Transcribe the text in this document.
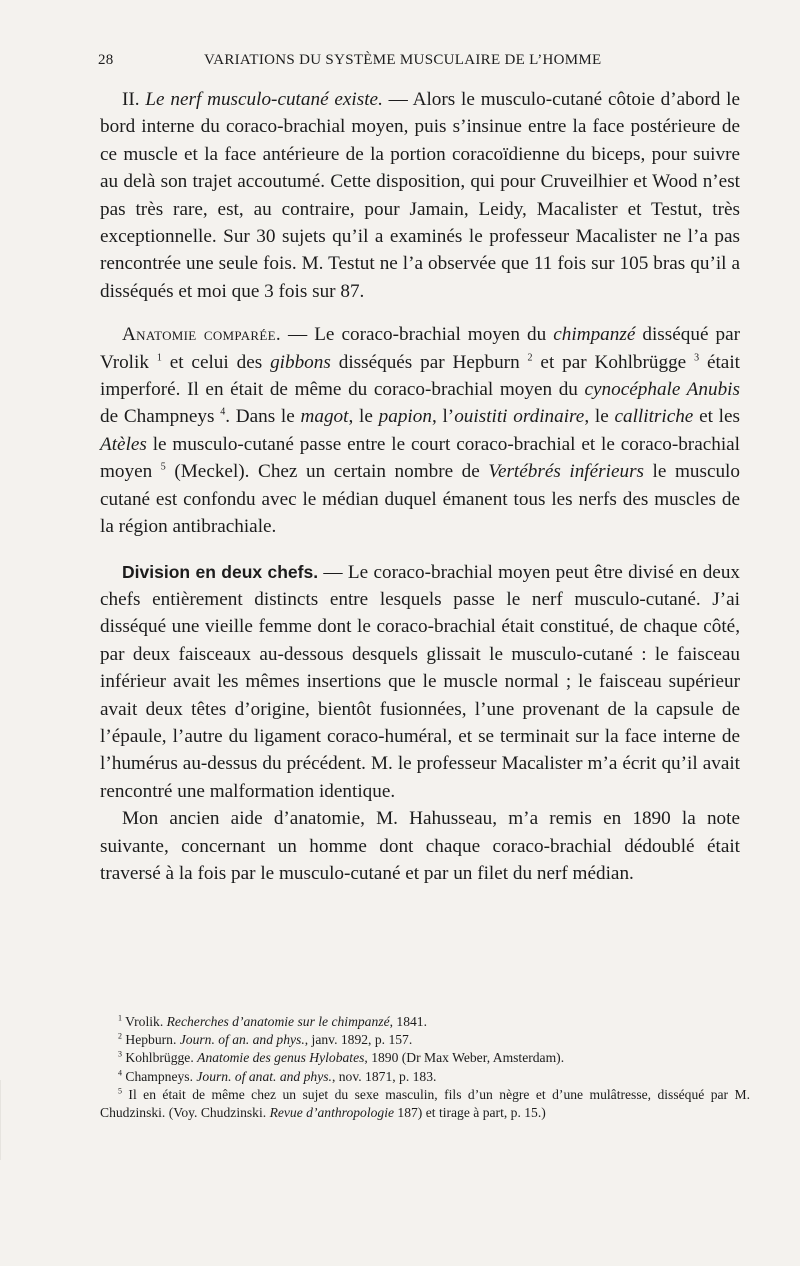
28	VARIATIONS DU SYSTÈME MUSCULAIRE DE L’HOMME

II. Le nerf musculo-cutané existe. — Alors le musculo-cutané côtoie d’abord le bord interne du coraco-brachial moyen, puis s’insinue entre la face postérieure de ce muscle et la face antérieure de la portion coracoïdienne du biceps, pour suivre au delà son trajet accoutumé. Cette disposition, qui pour Cruveilhier et Wood n’est pas très rare, est, au contraire, pour Jamain, Leidy, Macalister et Testut, très exceptionnelle. Sur 30 sujets qu’il a examinés le professeur Macalister ne l’a pas rencontrée une seule fois. M. Testut ne l’a observée que 11 fois sur 105 bras qu’il a disséqués et moi que 3 fois sur 87.

Anatomie comparée. — Le coraco-brachial moyen du chimpanzé disséqué par Vrolik $^1$ et celui des gibbons disséqués par Hepburn $^2$ et par Kohlbrügge $^3$ était imperforé. Il en était de même du coraco-brachial moyen du cynocéphale Anubis de Champneys $^4$. Dans le magot, le papion, l’ouistiti ordinaire, le callitriche et les Atèles le musculo-cutané passe entre le court coraco-brachial et le coraco-brachial moyen $^5$ (Meckel). Chez un certain nombre de Vertébrés inférieurs le musculo cutané est confondu avec le médian duquel émanent tous les nerfs des muscles de la région antibrachiale.

Division en deux chefs. — Le coraco-brachial moyen peut être divisé en deux chefs entièrement distincts entre lesquels passe le nerf musculo-cutané. J’ai disséqué une vieille femme dont le coraco-brachial était constitué, de chaque côté, par deux faisceaux au-dessous desquels glissait le musculo-cutané : le faisceau inférieur avait les mêmes insertions que le muscle normal ; le faisceau supérieur avait deux têtes d’origine, bientôt fusionnées, l’une provenant de la capsule de l’épaule, l’autre du ligament coraco-huméral, et se terminait sur la face interne de l’humérus au-dessus du précédent. M. le professeur Macalister m’a écrit qu’il avait rencontré une malformation identique.

Mon ancien aide d’anatomie, M. Hahusseau, m’a remis en 1890 la note suivante, concernant un homme dont chaque coraco-brachial dédoublé était traversé à la fois par le musculo-cutané et par un filet du nerf médian.

$^1$ Vrolik. Recherches d’anatomie sur le chimpanzé, 1841.

$^2$ Hepburn. Journ. of an. and phys., janv. 1892, p. 157.

$^3$ Kohlbrügge. Anatomie des genus Hylobates, 1890 (Dr Max Weber, Amsterdam).

$^4$ Champneys. Journ. of anat. and phys., nov. 1871, p. 183.

$^5$ Il en était de même chez un sujet du sexe masculin, fils d’un nègre et d’une mulâtresse, disséqué par M. Chudzinski. (Voy. Chudzinski. Revue d’anthropologie 187) et tirage à part, p. 15.)
